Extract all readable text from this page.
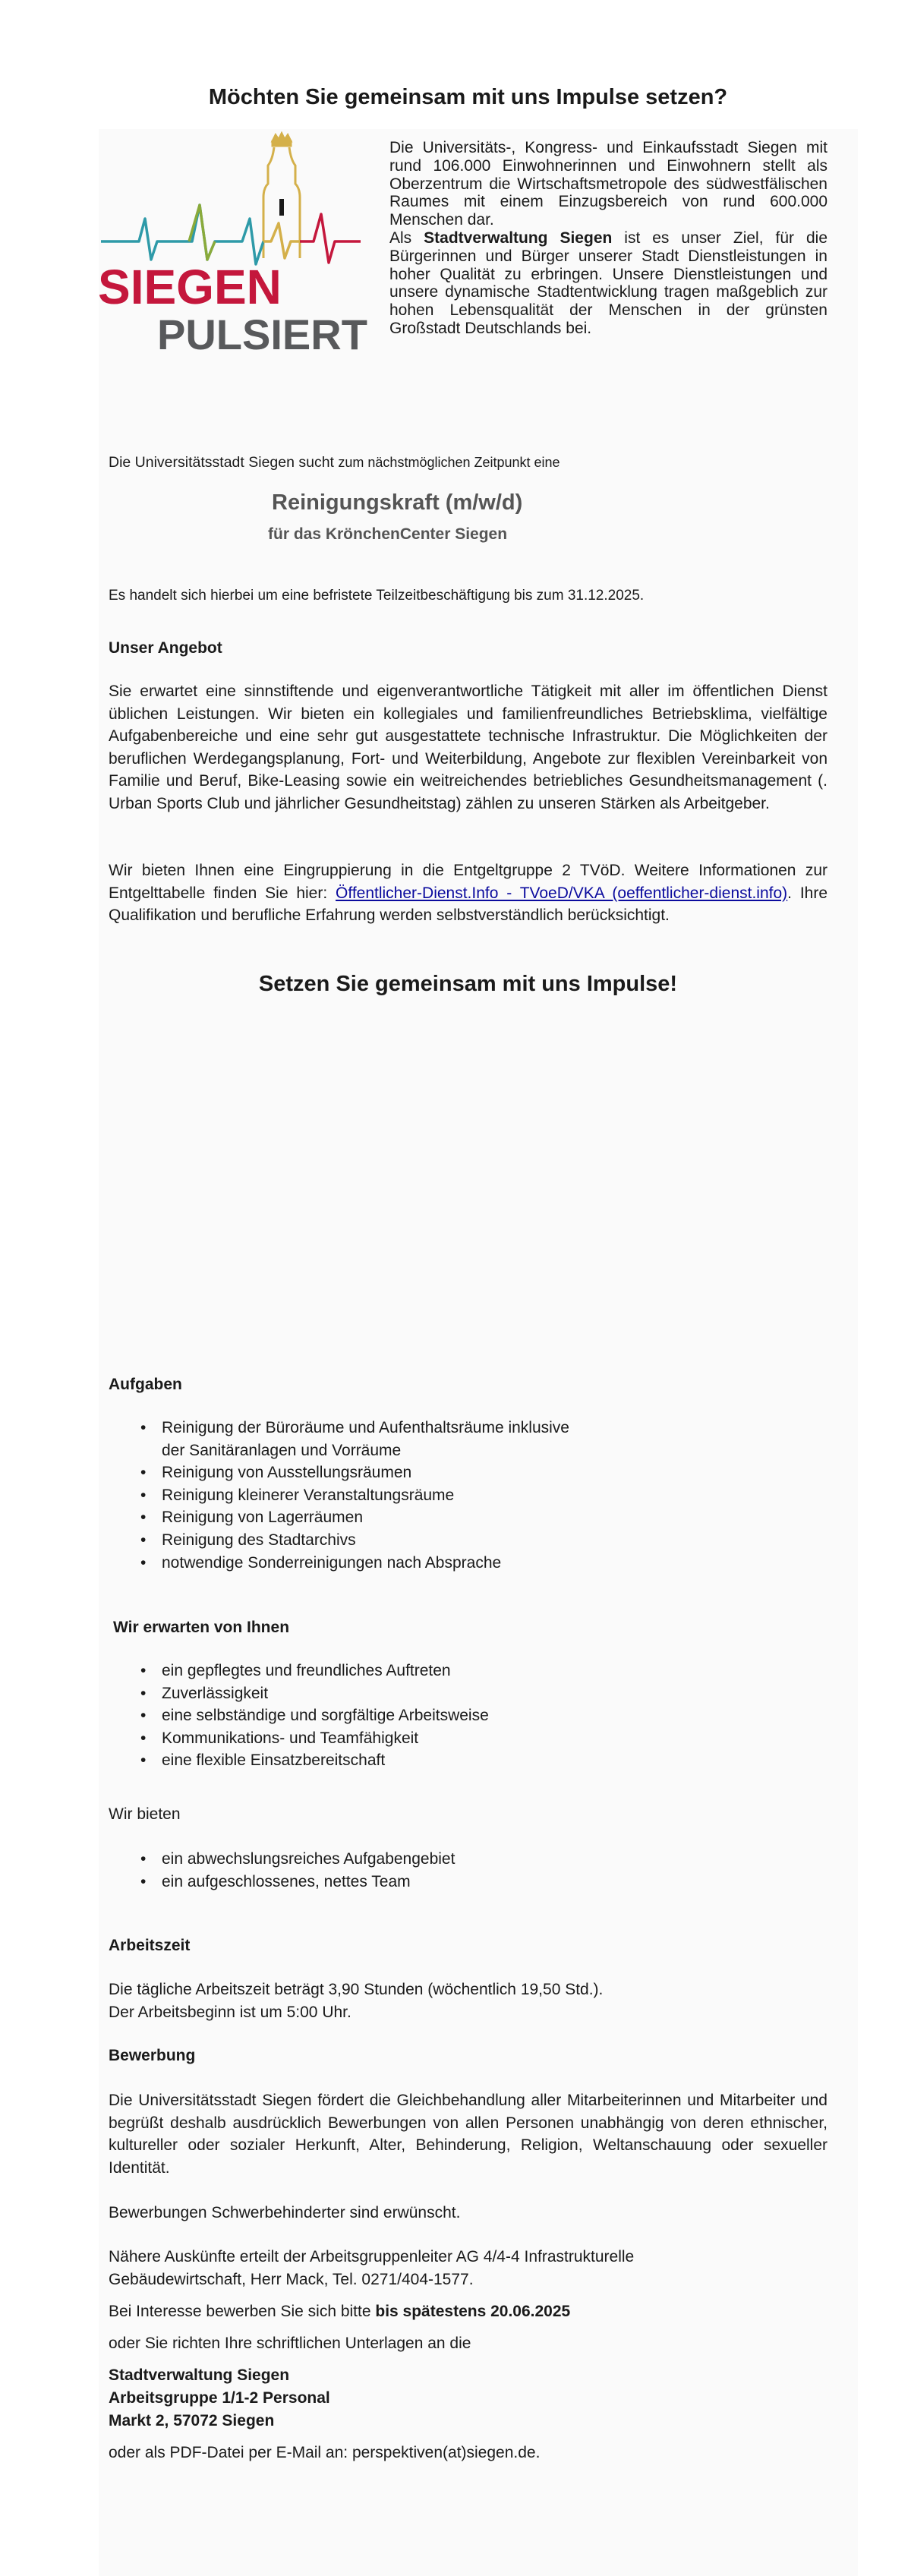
Möchten Sie gemeinsam mit uns Impulse setzen?
SIEGEN
PULSIERT

Die Universitäts-, Kongress- und Einkaufsstadt Siegen mit rund 106.000 Einwohnerinnen und Einwohnern stellt als Oberzentrum die Wirtschaftsmetropole des südwestfälischen Raumes mit einem Einzugsbereich von rund 600.000 Menschen dar.

Als Stadtverwaltung Siegen ist es unser Ziel, für die Bürgerinnen und Bürger unserer Stadt Dienstleistungen in hoher Qualität zu erbringen. Unsere Dienstleistungen und unsere dynamische Stadtentwicklung tragen maßgeblich zur hohen Lebensqualität der Menschen in der grünsten Großstadt Deutschlands bei.

Die Universitätsstadt Siegen sucht zum nächstmöglichen Zeitpunkt eine

Reinigungskraft (m/w/d)

für das KrönchenCenter Siegen

Es handelt sich hierbei um eine befristete Teilzeitbeschäftigung bis zum 31.12.2025.

Unser Angebot

Sie erwartet eine sinnstiftende und eigenverantwortliche Tätigkeit mit aller im öffentlichen Dienst üblichen Leistungen. Wir bieten ein kollegiales und familienfreundliches Betriebsklima, vielfältige Aufgabenbereiche und eine sehr gut ausgestattete technische Infrastruktur. Die Möglichkeiten der beruflichen Werdegangsplanung, Fort- und Weiterbildung, Angebote zur flexiblen Vereinbarkeit von Familie und Beruf, Bike-Leasing sowie ein weitreichendes betriebliches Gesundheitsmanagement (. Urban Sports Club und jährlicher Gesundheitstag) zählen zu unseren Stärken als Arbeitgeber.

Wir bieten Ihnen eine Eingruppierung in die Entgeltgruppe 2 TVöD. Weitere Informationen zur Entgelttabelle finden Sie hier: Öffentlicher-Dienst.Info - TVoeD/VKA (oeffentlicher-dienst.info). Ihre Qualifikation und berufliche Erfahrung werden selbstverständlich berücksichtigt.

Setzen Sie gemeinsam mit uns Impulse!
Aufgaben
• Reinigung der Büroräume und Aufenthaltsräume inklusive der Sanitäranlagen und Vorräume
• Reinigung von Ausstellungsräumen
• Reinigung kleinerer Veranstaltungsräume
• Reinigung von Lagerräumen
• Reinigung des Stadtarchivs
• notwendige Sonderreinigungen nach Absprache
Wir erwarten von Ihnen
• ein gepflegtes und freundliches Auftreten
• Zuverlässigkeit
• eine selbständige und sorgfältige Arbeitsweise
• Kommunikations- und Teamfähigkeit
• eine flexible Einsatzbereitschaft
Wir bieten
• ein abwechslungsreiches Aufgabengebiet
• ein aufgeschlossenes, nettes Team
Arbeitszeit

Die tägliche Arbeitszeit beträgt 3,90 Stunden (wöchentlich 19,50 Std.).

Der Arbeitsbeginn ist um 5:00 Uhr.

Bewerbung

Die Universitätsstadt Siegen fördert die Gleichbehandlung aller Mitarbeiterinnen und Mitarbeiter und begrüßt deshalb ausdrücklich Bewerbungen von allen Personen unabhängig von deren ethnischer, kultureller oder sozialer Herkunft, Alter, Behinderung, Religion, Weltanschauung oder sexueller Identität.

Bewerbungen Schwerbehinderter sind erwünscht.

Nähere Auskünfte erteilt der Arbeitsgruppenleiter AG 4/4-4 Infrastrukturelle

Gebäudewirtschaft, Herr Mack, Tel. 0271/404-1577.

Bei Interesse bewerben Sie sich bitte bis spätestens 20.06.2025

oder Sie richten Ihre schriftlichen Unterlagen an die

Stadtverwaltung Siegen

Arbeitsgruppe 1/1-2 Personal

Markt 2, 57072 Siegen

oder als PDF-Datei per E-Mail an: perspektiven(at)siegen.de.
